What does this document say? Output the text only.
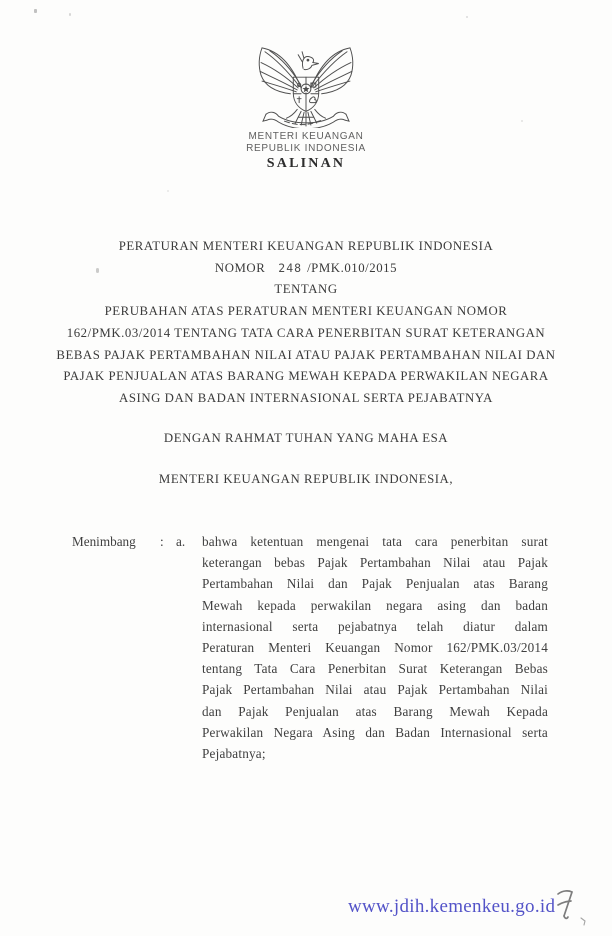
MENTERI KEUANGAN
REPUBLIK INDONESIA
SALINAN
PERATURAN MENTERI KEUANGAN REPUBLIK INDONESIA
NOMOR 248 /PMK.010/2015
TENTANG
PERUBAHAN ATAS PERATURAN MENTERI KEUANGAN NOMOR
162/PMK.03/2014 TENTANG TATA CARA PENERBITAN SURAT KETERANGAN
BEBAS PAJAK PERTAMBAHAN NILAI ATAU PAJAK PERTAMBAHAN NILAI DAN
PAJAK PENJUALAN ATAS BARANG MEWAH KEPADA PERWAKILAN NEGARA
ASING DAN BADAN INTERNASIONAL SERTA PEJABATNYA
DENGAN RAHMAT TUHAN YANG MAHA ESA
MENTERI KEUANGAN REPUBLIK INDONESIA,
Menimbang	: a.	bahwa ketentuan mengenai tata cara penerbitan surat
keterangan bebas Pajak Pertambahan Nilai atau Pajak
Pertambahan Nilai dan Pajak Penjualan atas Barang
Mewah kepada perwakilan negara asing dan badan
internasional serta pejabatnya telah diatur dalam
Peraturan Menteri Keuangan Nomor 162/PMK.03/2014
tentang Tata Cara Penerbitan Surat Keterangan Bebas
Pajak Pertambahan Nilai atau Pajak Pertambahan Nilai
dan Pajak Penjualan atas Barang Mewah Kepada
Perwakilan Negara Asing dan Badan Internasional serta
Pejabatnya;
www.jdih.kemenkeu.go.id
